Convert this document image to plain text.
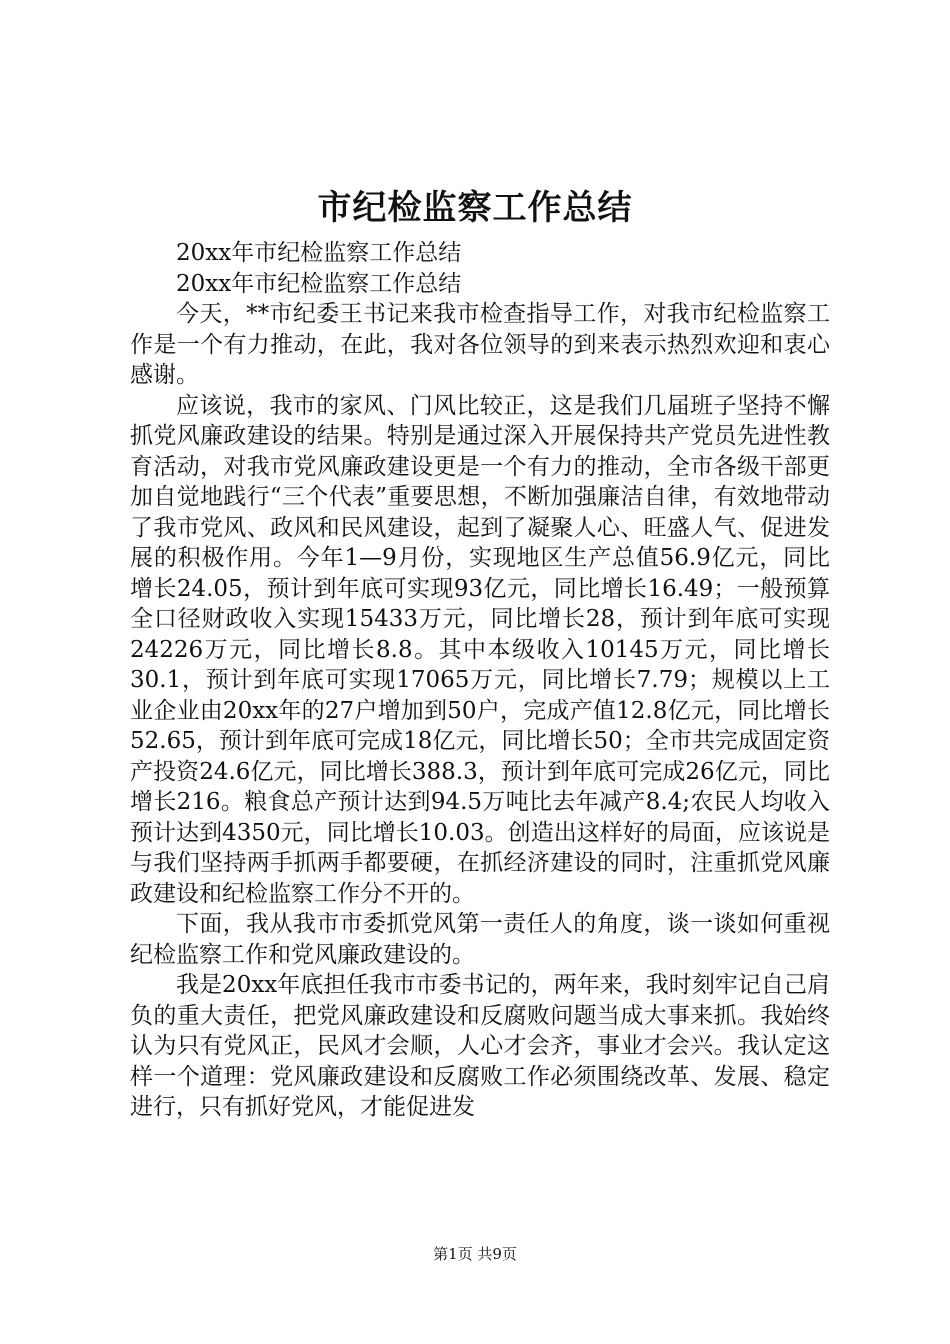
市纪检监察工作总结

20xx年市纪检监察工作总结

20xx年市纪检监察工作总结

今天，**市纪委王书记来我市检查指导工作，对我市纪检监察工作是一个有力推动，在此，我对各位领导的到来表示热烈欢迎和衷心感谢。

应该说，我市的家风、门风比较正，这是我们几届班子坚持不懈抓党风廉政建设的结果。特别是通过深入开展保持共产党员先进性教育活动，对我市党风廉政建设更是一个有力的推动，全市各级干部更加自觉地践行“三个代表”重要思想，不断加强廉洁自律，有效地带动了我市党风、政风和民风建设，起到了凝聚人心、旺盛人气、促进发展的积极作用。今年1—9月份，实现地区生产总值56.9亿元，同比增长24.05，预计到年底可实现93亿元，同比增长16.49；一般预算全口径财政收入实现15433万元，同比增长28，预计到年底可实现24226万元，同比增长8.8。其中本级收入10145万元，同比增长30.1，预计到年底可实现17065万元，同比增长7.79；规模以上工业企业由20xx年的27户增加到50户，完成产值12.8亿元，同比增长52.65，预计到年底可完成18亿元，同比增长50；全市共完成固定资产投资24.6亿元，同比增长388.3，预计到年底可完成26亿元，同比增长216。粮食总产预计达到94.5万吨比去年减产8.4;农民人均收入预计达到4350元，同比增长10.03。创造出这样好的局面，应该说是与我们坚持两手抓两手都要硬，在抓经济建设的同时，注重抓党风廉政建设和纪检监察工作分不开的。

下面，我从我市市委抓党风第一责任人的角度，谈一谈如何重视纪检监察工作和党风廉政建设的。

我是20xx年底担任我市市委书记的，两年来，我时刻牢记自己肩负的重大责任，把党风廉政建设和反腐败问题当成大事来抓。我始终认为只有党风正，民风才会顺，人心才会齐，事业才会兴。我认定这样一个道理：党风廉政建设和反腐败工作必须围绕改革、发展、稳定进行，只有抓好党风，才能促进发

第1页 共9页
